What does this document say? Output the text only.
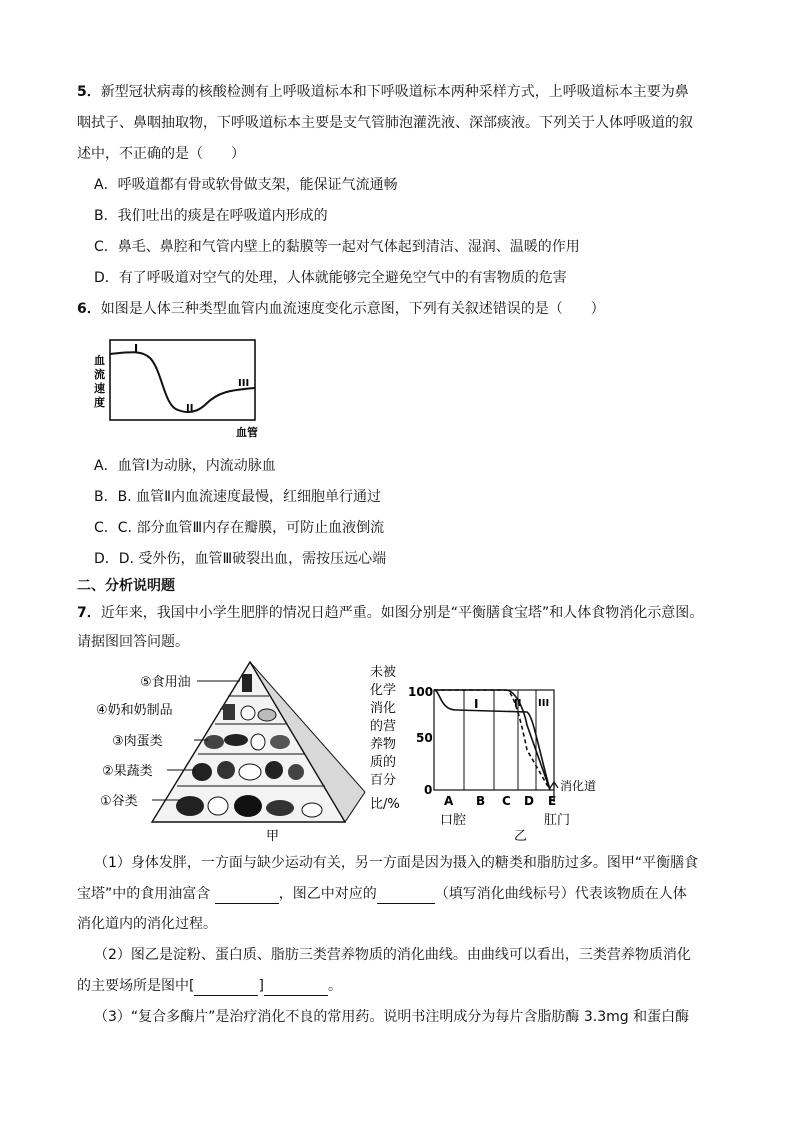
5．新型冠状病毒的核酸检测有上呼吸道标本和下呼吸道标本两种采样方式，上呼吸道标本主要为鼻
咽拭子、鼻咽抽取物，下呼吸道标本主要是支气管肺泡灌洗液、深部痰液。下列关于人体呼吸道的叙
述中，不正确的是（　　）
A．呼吸道都有骨或软骨做支架，能保证气流通畅
B．我们吐出的痰是在呼吸道内形成的
C．鼻毛、鼻腔和气管内壁上的黏膜等一起对气体起到清洁、湿润、温暖的作用
D．有了呼吸道对空气的处理，人体就能够完全避免空气中的有害物质的危害
6．如图是人体三种类型血管内血流速度变化示意图，下列有关叙述错误的是（　　）
血
流
速
度
I
II
III
血管
A．血管Ⅰ为动脉，内流动脉血
B．B. 血管Ⅱ内血流速度最慢，红细胞单行通过
C．C. 部分血管Ⅲ内存在瓣膜，可防止血液倒流
D．D. 受外伤，血管Ⅲ破裂出血，需按压远心端
二、分析说明题
7．近年来，我国中小学生肥胖的情况日趋严重。如图分别是“平衡膳食宝塔”和人体食物消化示意图。
请据图回答问题。
⑤食用油
④奶和奶制品
③肉蛋类
②果蔬类
①谷类
甲
未被
化学
消化
的营
养物
质的
百分
比/%
100
50
0
I	II III
A B C D E
消化道
口腔	肛门
乙
（1）身体发胖，一方面与缺少运动有关，另一方面是因为摄入的糖类和脂肪过多。图甲“平衡膳食
宝塔”中的食用油富含	，图乙中对应的	（填写消化曲线标号）代表该物质在人体
消化道内的消化过程。
（2）图乙是淀粉、蛋白质、脂肪三类营养物质的消化曲线。由曲线可以看出，三类营养物质消化
的主要场所是图中[	]	。
（3）“复合多酶片”是治疗消化不良的常用药。说明书注明成分为每片含脂肪酶 3.3mg 和蛋白酶
